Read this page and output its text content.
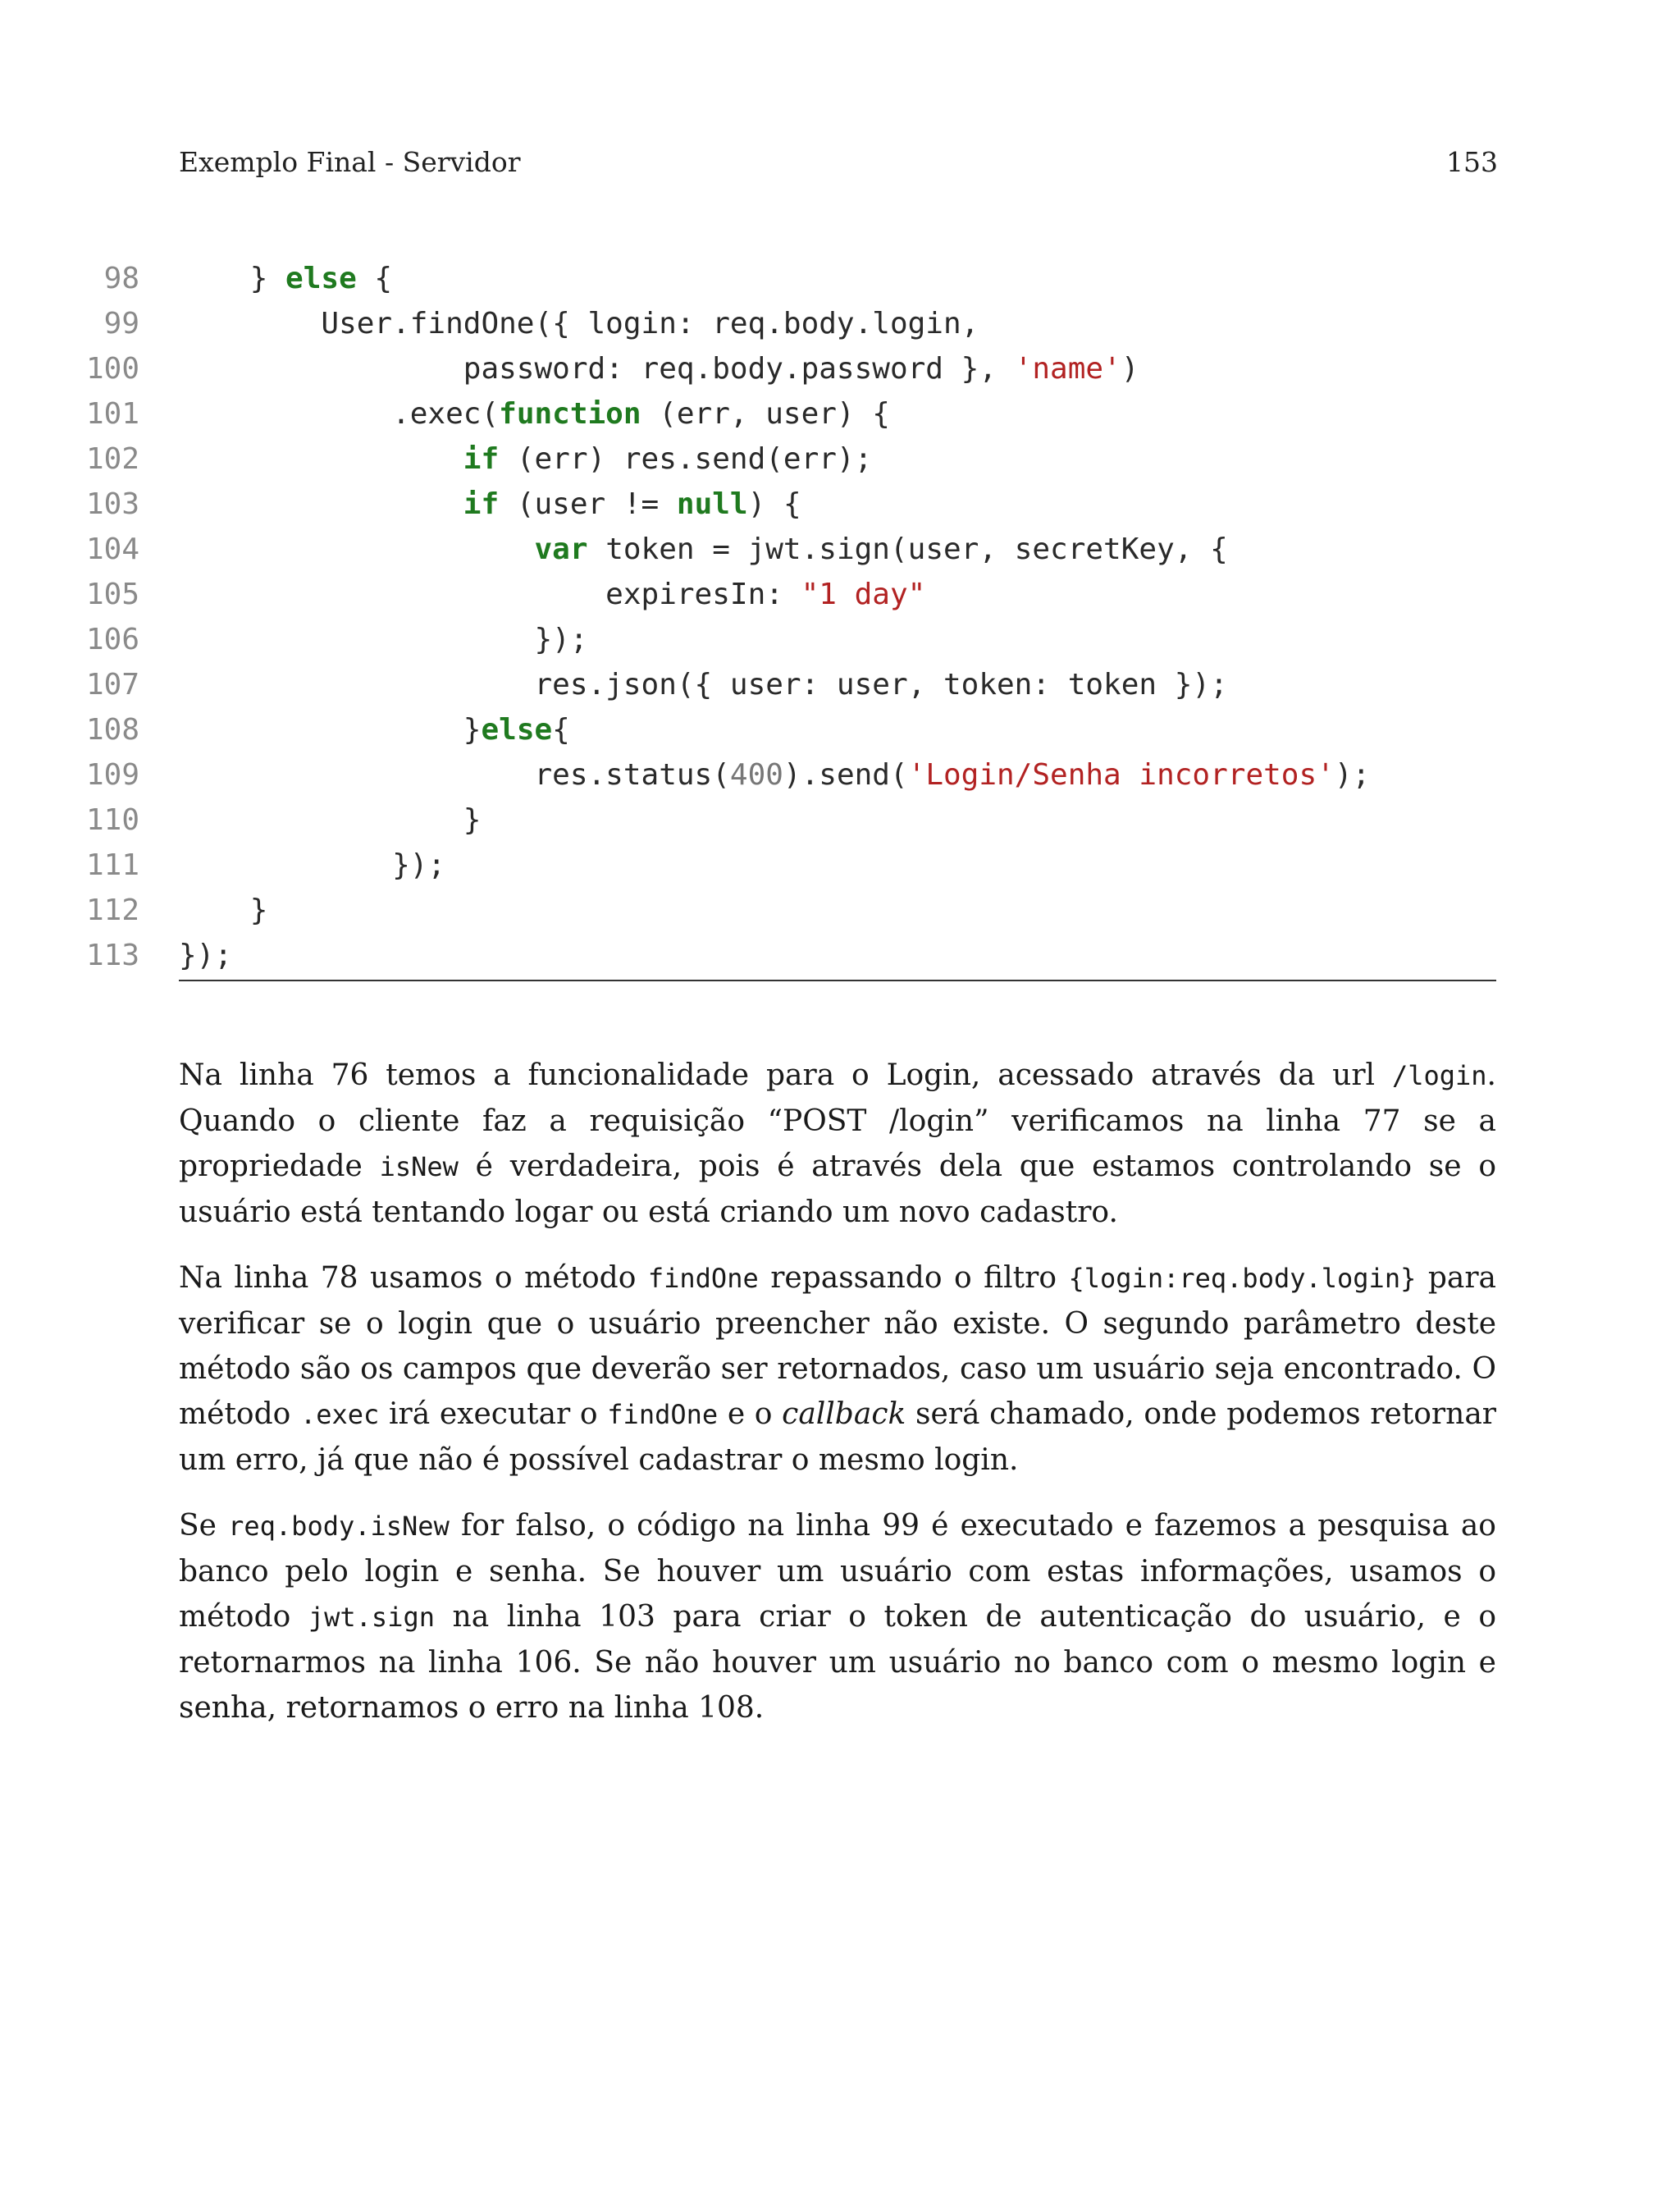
Exemplo Final - Servidor	153
98 } else {
99 User.findOne({ login: req.body.login,
100 password: req.body.password }, 'name')
101 .exec(function (err, user) {
102	if (err) res.send(err);
103	if (user != null) {
104	var token = jwt.sign(user, secretKey, {
105 expiresIn: "1 day"
106 });
107 res.json({ user: user, token: token });
108 }else{
109 res.status(400).send('Login/Senha incorretos');
110 }
111 });
112 }
113 });

Na linha 76 temos a funcionalidade para o Login, acessado através da url /login. Quando o cliente faz a requisição “POST /login” verificamos na linha 77 se a propriedade isNew é verdadeira, pois é através dela que estamos controlando se o usuário está tentando logar ou está criando um novo cadastro.

Na linha 78 usamos o método findOne repassando o filtro {login:req.body.login} para verificar se o login que o usuário preencher não existe. O segundo parâmetro deste método são os campos que deverão ser retornados, caso um usuário seja encontrado. O método .exec irá executar o findOne e o callback será chamado, onde podemos retornar um erro, já que não é possível cadastrar o mesmo login.

Se req.body.isNew for falso, o código na linha 99 é executado e fazemos a pesquisa ao banco pelo login e senha. Se houver um usuário com estas informações, usamos o método jwt.sign na linha 103 para criar o token de autenticação do usuário, e o retornarmos na linha 106. Se não houver um usuário no banco com o mesmo login e senha, retornamos o erro na linha 108.
